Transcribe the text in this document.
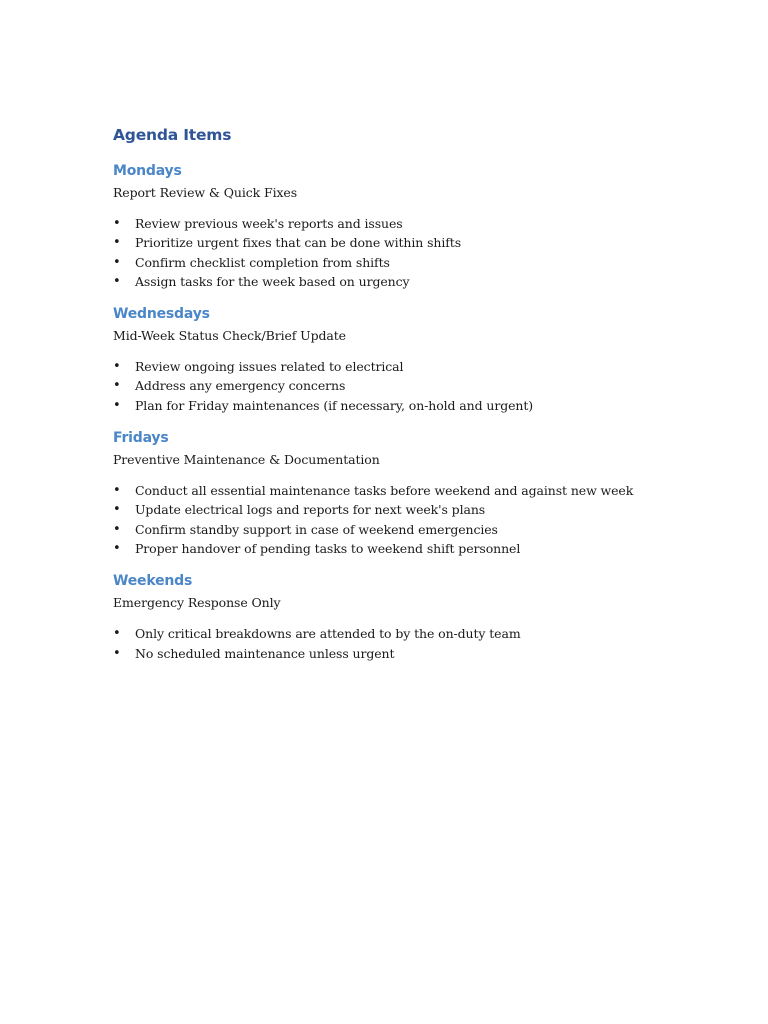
Agenda Items
Mondays

Report Review & Quick Fixes

• Review previous week's reports and issues
• Prioritize urgent fixes that can be done within shifts
• Confirm checklist completion from shifts
• Assign tasks for the week based on urgency
Wednesdays

Mid-Week Status Check/Brief Update

• Review ongoing issues related to electrical
• Address any emergency concerns
• Plan for Friday maintenances (if necessary, on-hold and urgent)
Fridays

Preventive Maintenance & Documentation

• Conduct all essential maintenance tasks before weekend and against new week
• Update electrical logs and reports for next week's plans
• Confirm standby support in case of weekend emergencies
• Proper handover of pending tasks to weekend shift personnel
Weekends

Emergency Response Only

• Only critical breakdowns are attended to by the on-duty team
• No scheduled maintenance unless urgent
